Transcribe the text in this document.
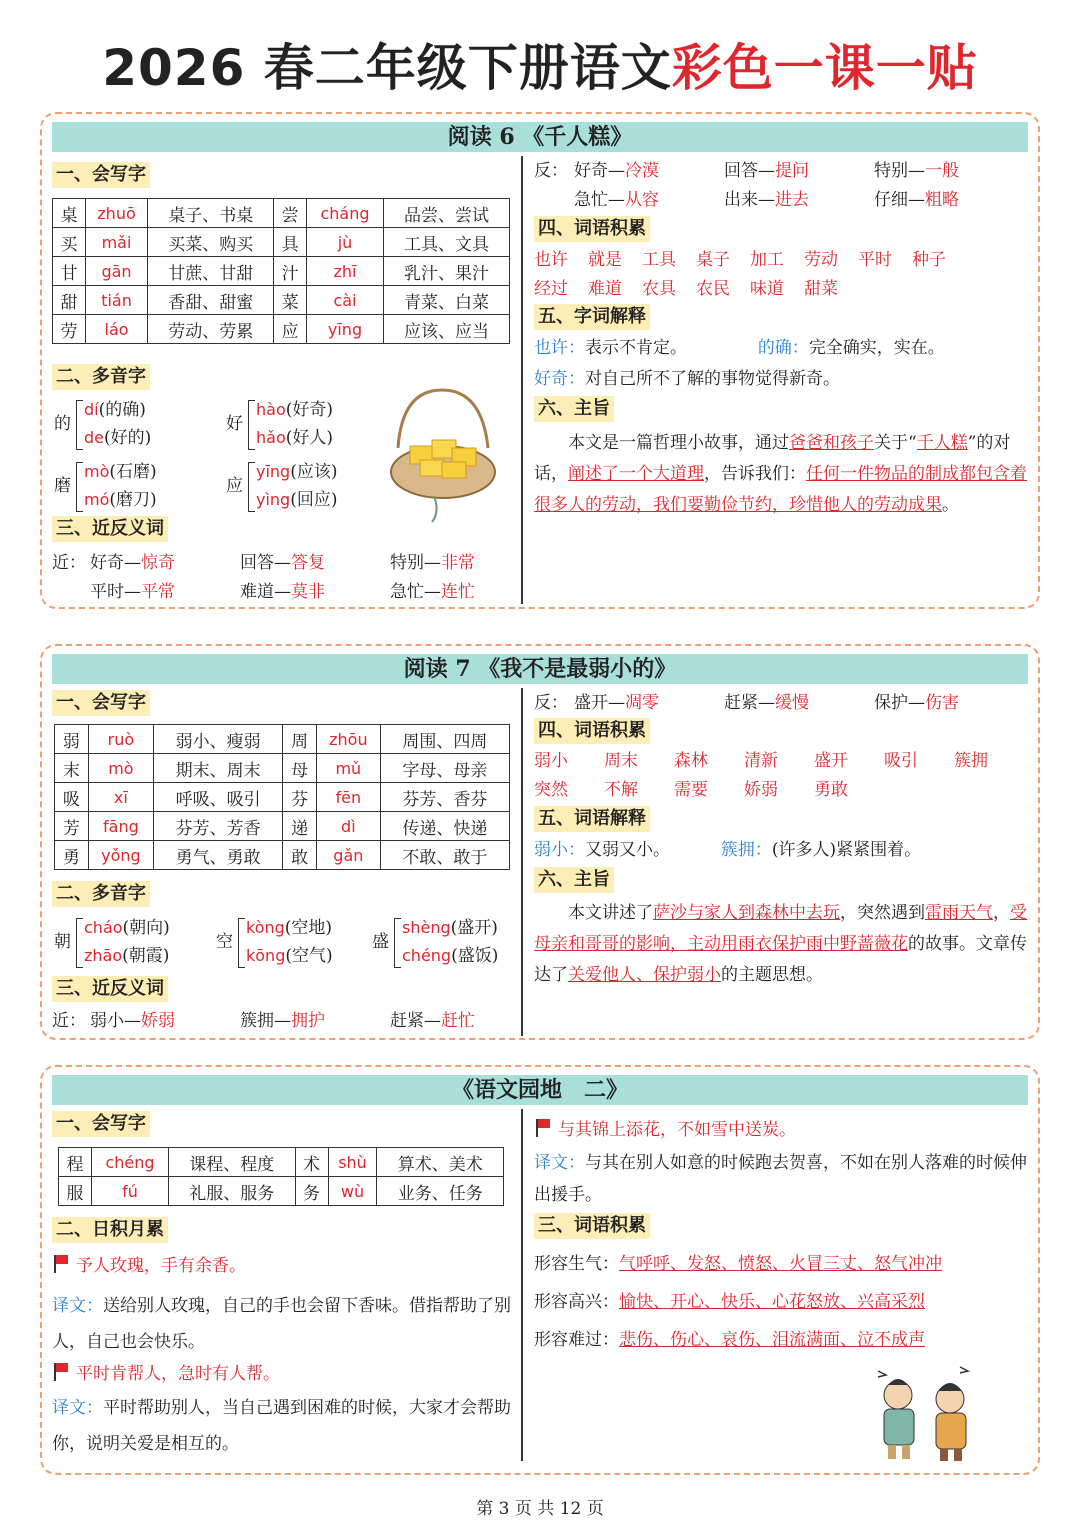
2026 春二年级下册语文彩色一课一贴
阅读 6 《千人糕》
一、会写字
桌	zhuō	桌子、书桌	尝	cháng	品尝、尝试
买	mǎi	买菜、购买	具	jù	工具、文具
甘	gān	甘蔗、甘甜	汁	zhī	乳汁、果汁
甜	tián	香甜、甜蜜	菜	cài	青菜、白菜
劳	láo	劳动、劳累	应	yīng	应该、应当
二、多音字
的
dí(的确)
de(好的)
好
hào(好奇)
hǎo(好人)
磨
mò(石磨)
mó(磨刀)
应
yīng(应该)
yìng(回应)
三、近反义词
近：
反：
四、词语积累
也许 就是 工具 桌子 加工 劳动 平时 种子
经过 难道 农具 农民 味道 甜菜
五、字词解释
也许：表示不肯定。	的确：完全确实，实在。
好奇：对自己所不了解的事物觉得新奇。
六、主旨
本文是一篇哲理小故事，通过爸爸和孩子关于“千人糕”的对话，阐述了一个大道理，告诉我们：任何一件物品的制成都包含着很多人的劳动，我们要勤俭节约，珍惜他人的劳动成果。
好奇—惊奇	回答—答复	特别—非常
平时—平常	难道—莫非	急忙—连忙
好奇—冷漠	回答—提问	特别—一般
急忙—从容	出来—进去	仔细—粗略
阅读 7 《我不是最弱小的》
一、会写字
弱	ruò	弱小、瘦弱	周	zhōu	周围、四周
末	mò	期末、周末	母	mǔ	字母、母亲
吸	xī	呼吸、吸引	芬	fēn	芬芳、香芬
芳	fāng	芬芳、芳香	递	dì	传递、快递
勇	yǒng	勇气、勇敢	敢	gǎn	不敢、敢于
二、多音字
朝
cháo(朝向)
zhāo(朝霞)
空
kòng(空地)
kōng(空气)
盛
shèng(盛开)
chéng(盛饭)
三、近反义词
近：
反：
四、词语积累
弱小 周末 森林 清新 盛开 吸引 簇拥
突然 不解 需要 娇弱 勇敢
五、词语解释
弱小：又弱又小。	簇拥：(许多人)紧紧围着。
六、主旨
本文讲述了萨沙与家人到森林中去玩，突然遇到雷雨天气，受母亲和哥哥的影响，主动用雨衣保护雨中野蔷薇花的故事。文章传达了关爱他人、保护弱小的主题思想。
弱小—娇弱	簇拥—拥护	赶紧—赶忙
盛开—凋零	赶紧—缓慢	保护—伤害
《语文园地　二》
一、会写字
程	chéng	课程、程度	术	shù	算术、美术
服	fú	礼服、服务	务	wù	业务、任务
二、日积月累
予人玫瑰，手有余香。
译文：送给别人玫瑰，自己的手也会留下香味。借指帮助了别人，自己也会快乐。
平时肯帮人，急时有人帮。
译文：平时帮助别人，当自己遇到困难的时候，大家才会帮助你，说明关爱是相互的。
与其锦上添花，不如雪中送炭。
译文：与其在别人如意的时候跑去贺喜，不如在别人落难的时候伸出援手。
三、词语积累
形容生气：气呼呼、发怒、愤怒、火冒三丈、怒气冲冲
形容高兴：愉快、开心、快乐、心花怒放、兴高采烈
形容难过：悲伤、伤心、哀伤、泪流满面、泣不成声
第 3 页 共 12 页
